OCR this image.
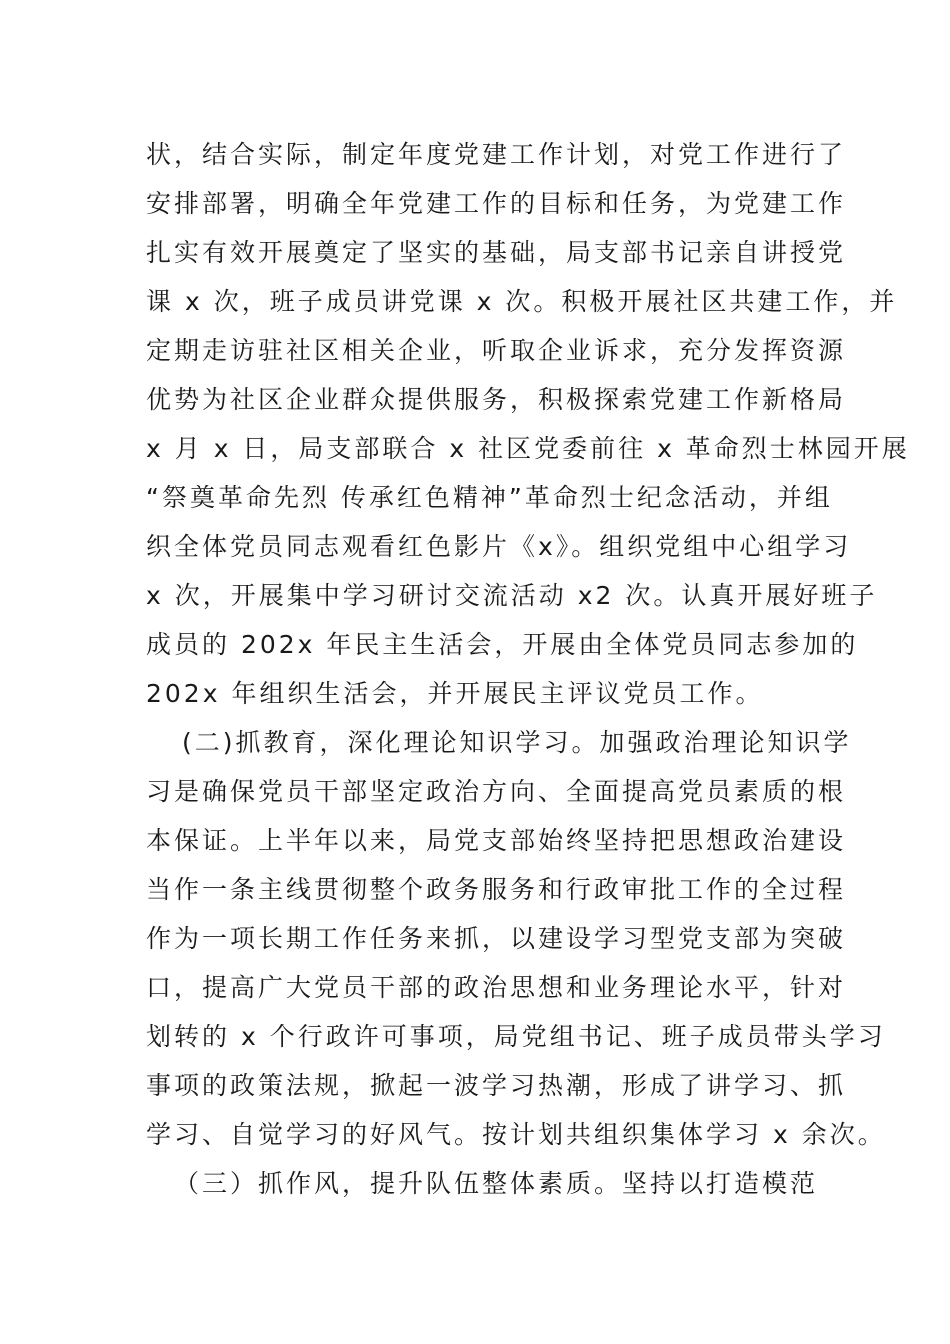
状，结合实际，制定年度党建工作计划，对党工作进行了
安排部署，明确全年党建工作的目标和任务，为党建工作
扎实有效开展奠定了坚实的基础，局支部书记亲自讲授党
课 x 次，班子成员讲党课 x 次。积极开展社区共建工作，并
定期走访驻社区相关企业，听取企业诉求，充分发挥资源
优势为社区企业群众提供服务，积极探索党建工作新格局
x 月 x 日，局支部联合 x 社区党委前往 x 革命烈士林园开展
“祭奠革命先烈 传承红色精神”革命烈士纪念活动，并组
织全体党员同志观看红色影片《x》。组织党组中心组学习
x 次，开展集中学习研讨交流活动 x2 次。认真开展好班子
成员的 202x 年民主生活会，开展由全体党员同志参加的
202x 年组织生活会，并开展民主评议党员工作。
(二)抓教育，深化理论知识学习。加强政治理论知识学
习是确保党员干部坚定政治方向、全面提高党员素质的根
本保证。上半年以来，局党支部始终坚持把思想政治建设
当作一条主线贯彻整个政务服务和行政审批工作的全过程
作为一项长期工作任务来抓，以建设学习型党支部为突破
口，提高广大党员干部的政治思想和业务理论水平，针对
划转的 x 个行政许可事项，局党组书记、班子成员带头学习
事项的政策法规，掀起一波学习热潮，形成了讲学习、抓
学习、自觉学习的好风气。按计划共组织集体学习 x 余次。
（三）抓作风，提升队伍整体素质。坚持以打造模范
